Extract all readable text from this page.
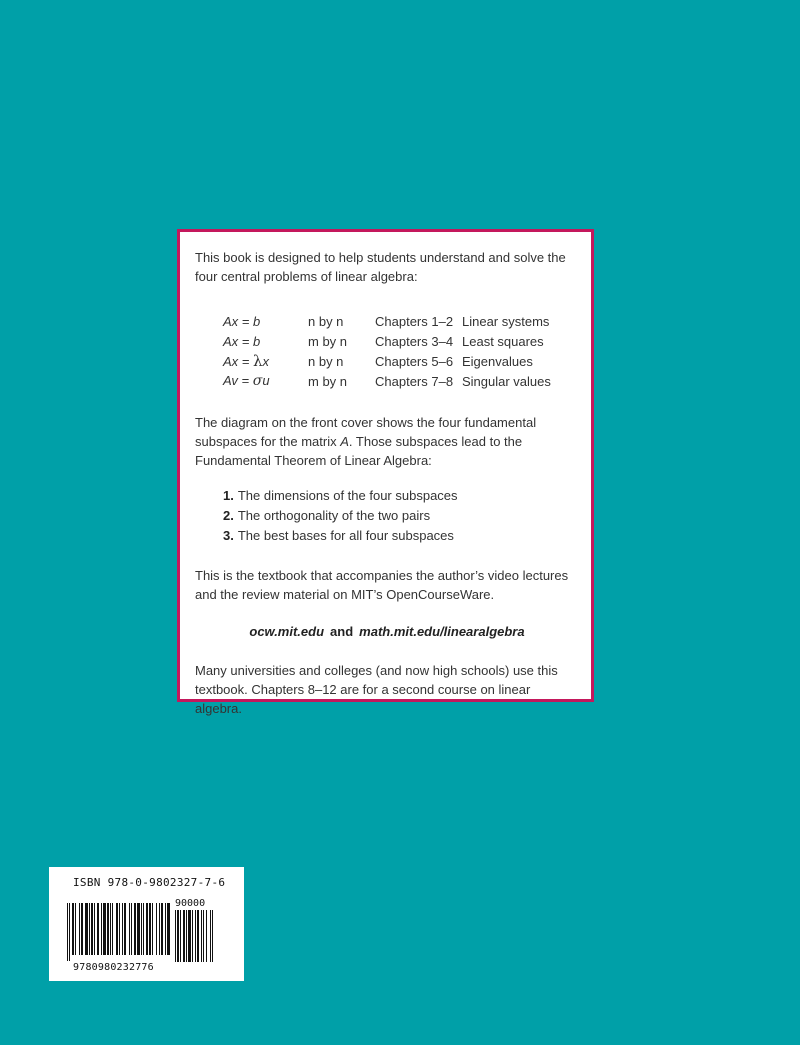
This book is designed to help students understand and solve the four central problems of linear algebra:

Ax = b	n by n	Chapters 1–2	Linear systems
Ax = b	m by n	Chapters 3–4	Least squares
Ax = λx	n by n	Chapters 5–6	Eigenvalues
Av = σu	m by n	Chapters 7–8	Singular values

The diagram on the front cover shows the four fundamental subspaces for the matrix A. Those subspaces lead to the Fundamental Theorem of Linear Algebra:

1. The dimensions of the four subspaces
2. The orthogonality of the two pairs
3. The best bases for all four subspaces

This is the textbook that accompanies the author’s video lectures and the review material on MIT’s OpenCourseWare.

ocw.mit.edu and math.mit.edu/linearalgebra

Many universities and colleges (and now high schools) use this textbook. Chapters 8–12 are for a second course on linear algebra.

ISBN 978-0-9802327-7-6
90000
9780980232776
